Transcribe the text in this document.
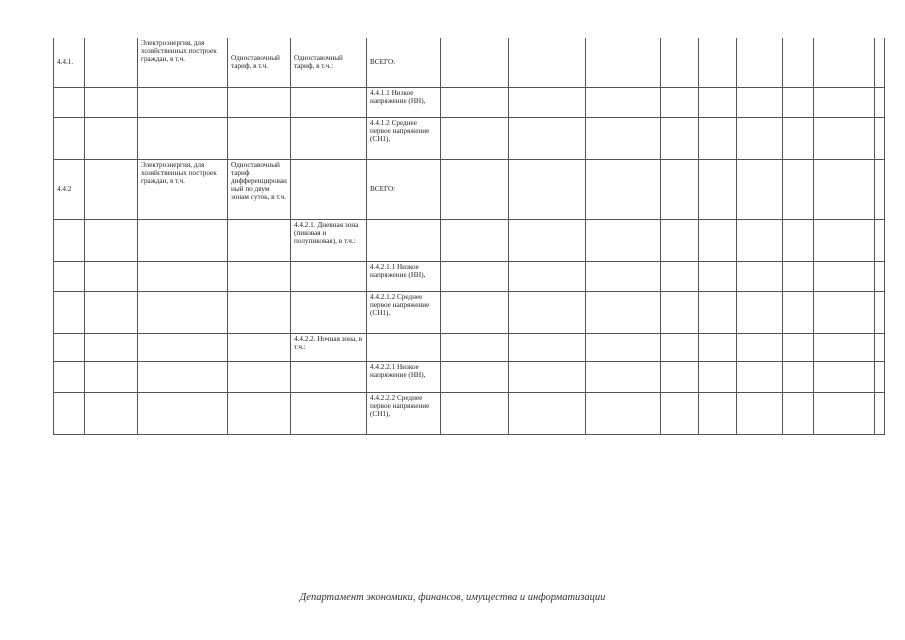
4.4.1.		Электроэнергия, для хозяйственных построек граждан, в т.ч.	Одноставочный тариф, в т.ч.	Одноставочный тариф, в т.ч.:	ВСЕГО:									
					4.4.1.1 Низкое напряжение (НН),									
					4.4.1.2 Среднее первое напряжение (СН1),									
4.4.2		Электроэнергия, для хозяйственных построек граждан, в т.ч.	Одноставочный тариф дифференцированный по двум зонам суток, в т.ч.		ВСЕГО:									
				4.4.2.1. Дневная зона (пиковая и полупиковая), в т.ч.:										
					4.4.2.1.1 Низкое напряжение (НН),									
					4.4.2.1.2 Среднее первое напряжение (СН1),									
				4.4.2.2. Ночная зона, в т.ч.:										
					4.4.2.2.1 Низкое напряжение (НН),									
					4.4.2.2.2 Среднее первое напряжение (СН1),									
Департамент экономики, финансов, имущества и информатизации
